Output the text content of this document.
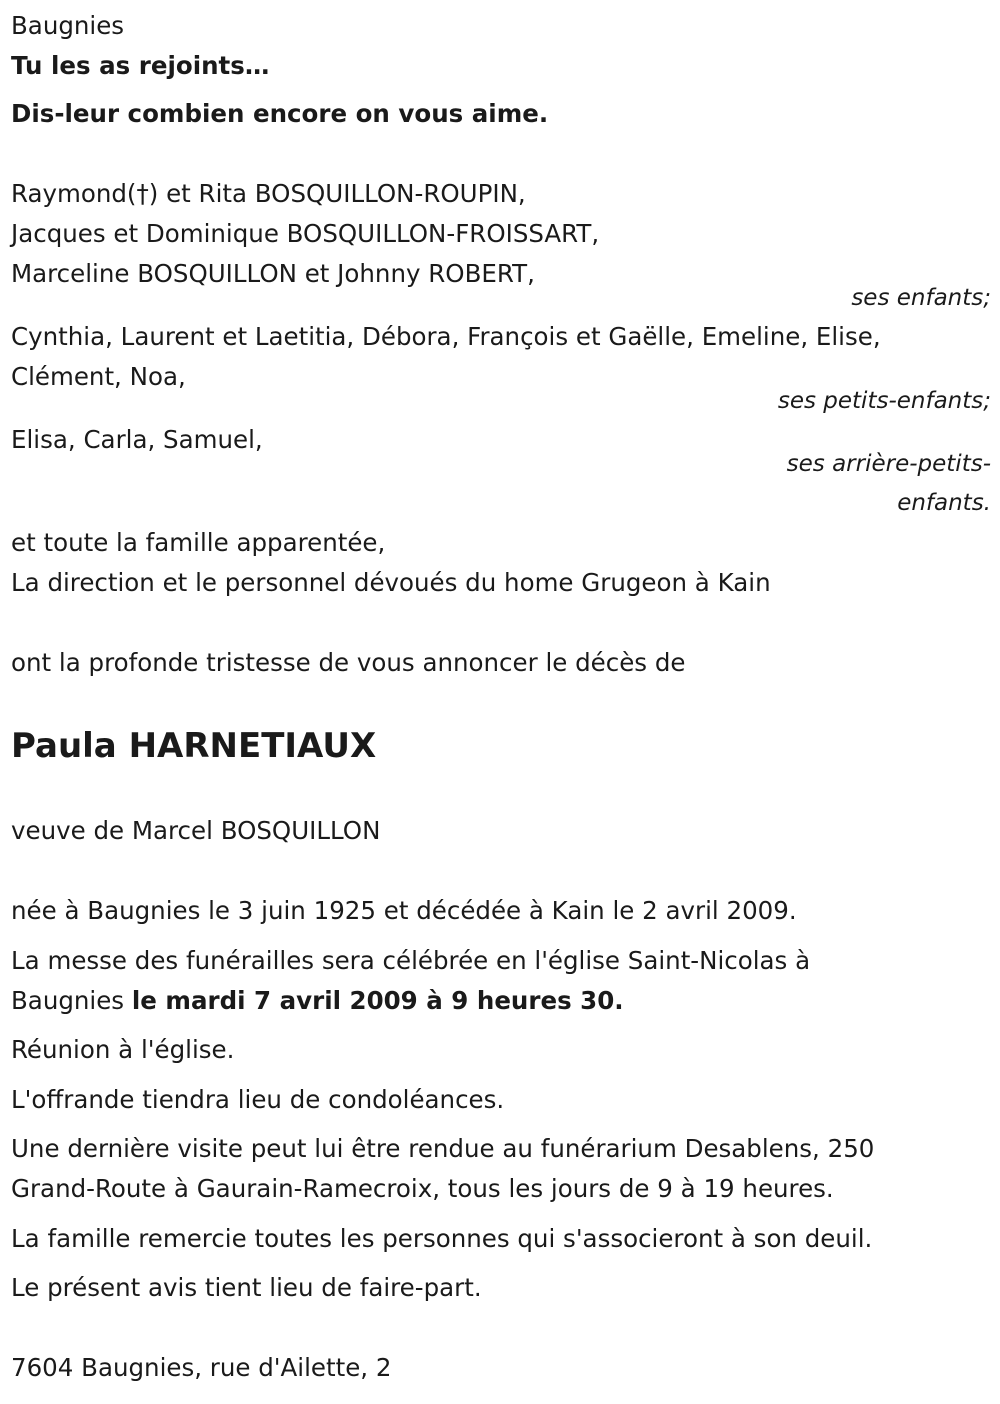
Baugnies
Tu les as rejoints…
Dis-leur combien encore on vous aime.
Raymond(†) et Rita BOSQUILLON-ROUPIN,
Jacques et Dominique BOSQUILLON-FROISSART,
Marceline BOSQUILLON et Johnny ROBERT,
ses enfants;
Cynthia, Laurent et Laetitia, Débora, François et Gaëlle, Emeline, Elise,
Clément, Noa,
ses petits-enfants;
Elisa, Carla, Samuel,
ses arrière-petits-
enfants.
et toute la famille apparentée,
La direction et le personnel dévoués du home Grugeon à Kain
ont la profonde tristesse de vous annoncer le décès de
Paula HARNETIAUX
veuve de Marcel BOSQUILLON
née à Baugnies le 3 juin 1925 et décédée à Kain le 2 avril 2009.
La messe des funérailles sera célébrée en l'église Saint-Nicolas à
Baugnies le mardi 7 avril 2009 à 9 heures 30.
Réunion à l'église.
L'offrande tiendra lieu de condoléances.
Une dernière visite peut lui être rendue au funérarium Desablens, 250
Grand-Route à Gaurain-Ramecroix, tous les jours de 9 à 19 heures.
La famille remercie toutes les personnes qui s'associeront à son deuil.
Le présent avis tient lieu de faire-part.
7604 Baugnies, rue d'Ailette, 2
